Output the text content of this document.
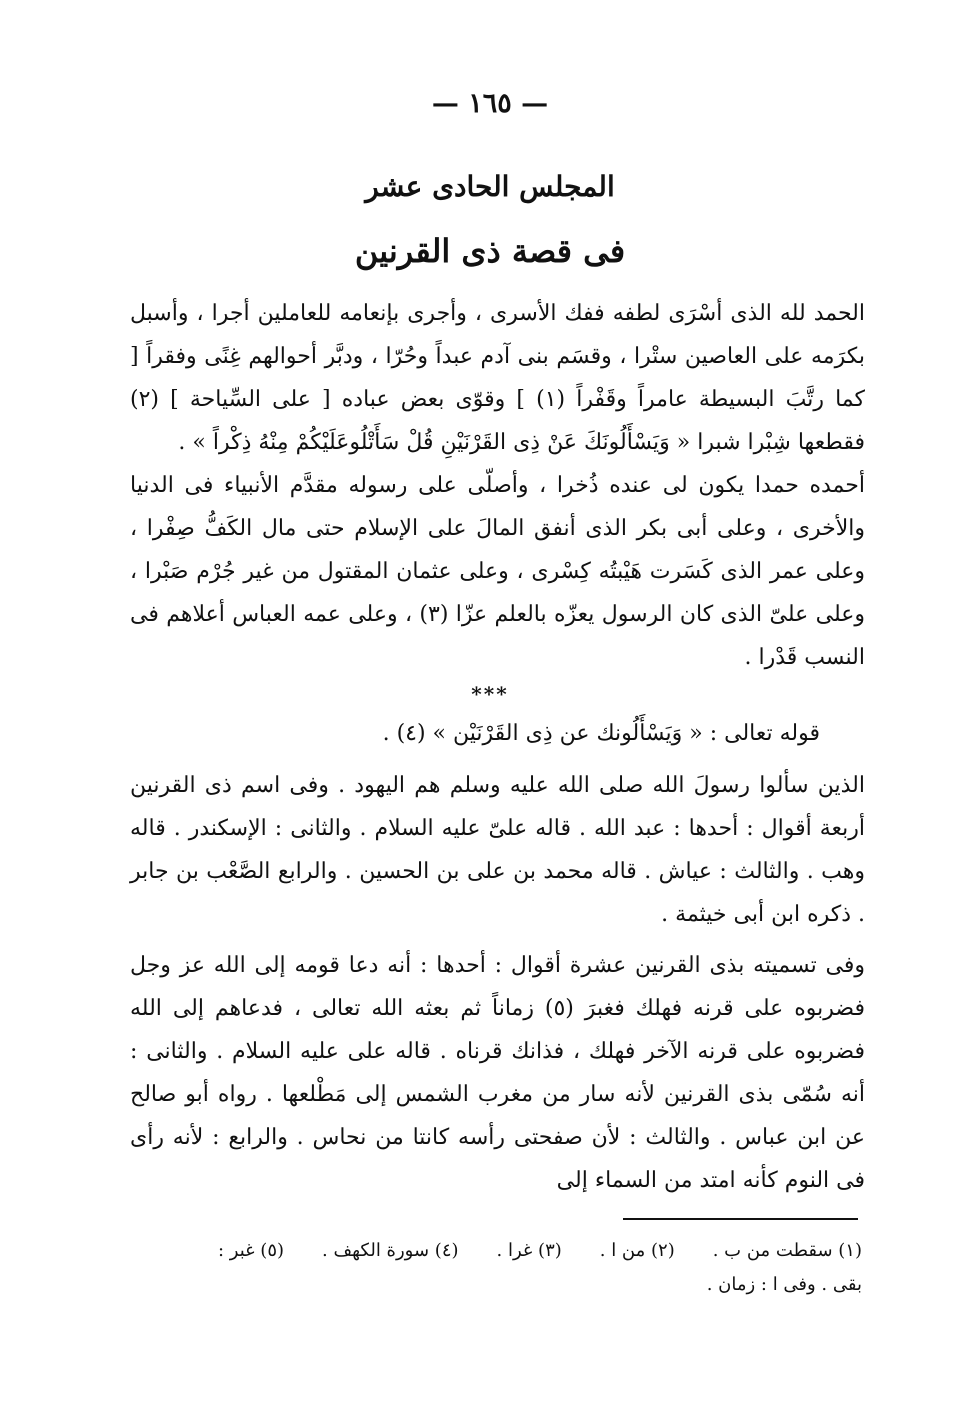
— ١٦٥ —
المجلس الحادى عشر
فى قصة ذى القرنين

الحمد لله الذى أسْرَى لطفه ففك الأسرى ، وأجرى بإنعامه للعاملين أجرا ، وأسبل بكرَمه على العاصين ستْرا ، وقسَم بنى آدم عبداً وحُرّا ، ودبَّر أحوالهم غِنًى وفقراً [ كما رتَّبَ البسيطة عامراً وقَفْراً (١) ] وقوّى بعض عباده [ على السِّياحة ] (٢) فقطعها شِبْرا شبرا « وَيَسْأَلُونَكَ عَنْ ذِى القَرْنَيْنِ قُلْ سَأَتْلُوعَلَيْكُمْ مِنْهُ ذِكْراً » .

أحمده حمدا يكون لى عنده ذُخرا ، وأصلّى على رسوله مقدَّم الأنبياء فى الدنيا والأخرى ، وعلى أبى بكر الذى أنفق المالَ على الإسلام حتى مال الكَفُّ صِفْرا ، وعلى عمر الذى كَسَرت هَيْبتُه كِسْرى ، وعلى عثمان المقتول من غير جُرْم صَبْرا ، وعلى علىّ الذى كان الرسول يعزّه بالعلم عزّا (٣) ، وعلى عمه العباس أعلاهم فى النسب قَدْرا .

***
قوله تعالى : « وَيَسْأَلُونك عن ذِى القَرْنَيْن » (٤) .

الذين سألوا رسولَ الله صلى الله عليه وسلم هم اليهود . وفى اسم ذى القرنين أربعة أقوال : أحدها : عبد الله . قاله علىّ عليه السلام . والثانى : الإسكندر . قاله وهب . والثالث : عياش . قاله محمد بن على بن الحسين . والرابع الصَّعْب بن جابر . ذكره ابن أبى خيثمة .

وفى تسميته بذى القرنين عشرة أقوال : أحدها : أنه دعا قومه إلى الله عز وجل فضربوه على قرنه فهلك فغبرَ (٥) زماناً ثم بعثه الله تعالى ، فدعاهم إلى الله فضربوه على قرنه الآخر فهلك ، فذانك قرناه . قاله على عليه السلام . والثانى : أنه سُمّى بذى القرنين لأنه سار من مغرب الشمس إلى مَطْلعها . رواه أبو صالح عن ابن عباس . والثالث : لأن صفحتى رأسه كانتا من نحاس . والرابع : لأنه رأى فى النوم كأنه امتد من السماء إلى

(١) سقطت من ب .
(٢) من ا .
(٣) غرا .
(٤) سورة الكهف .
(٥) غبر :
بقى . وفى ا : زمان .
